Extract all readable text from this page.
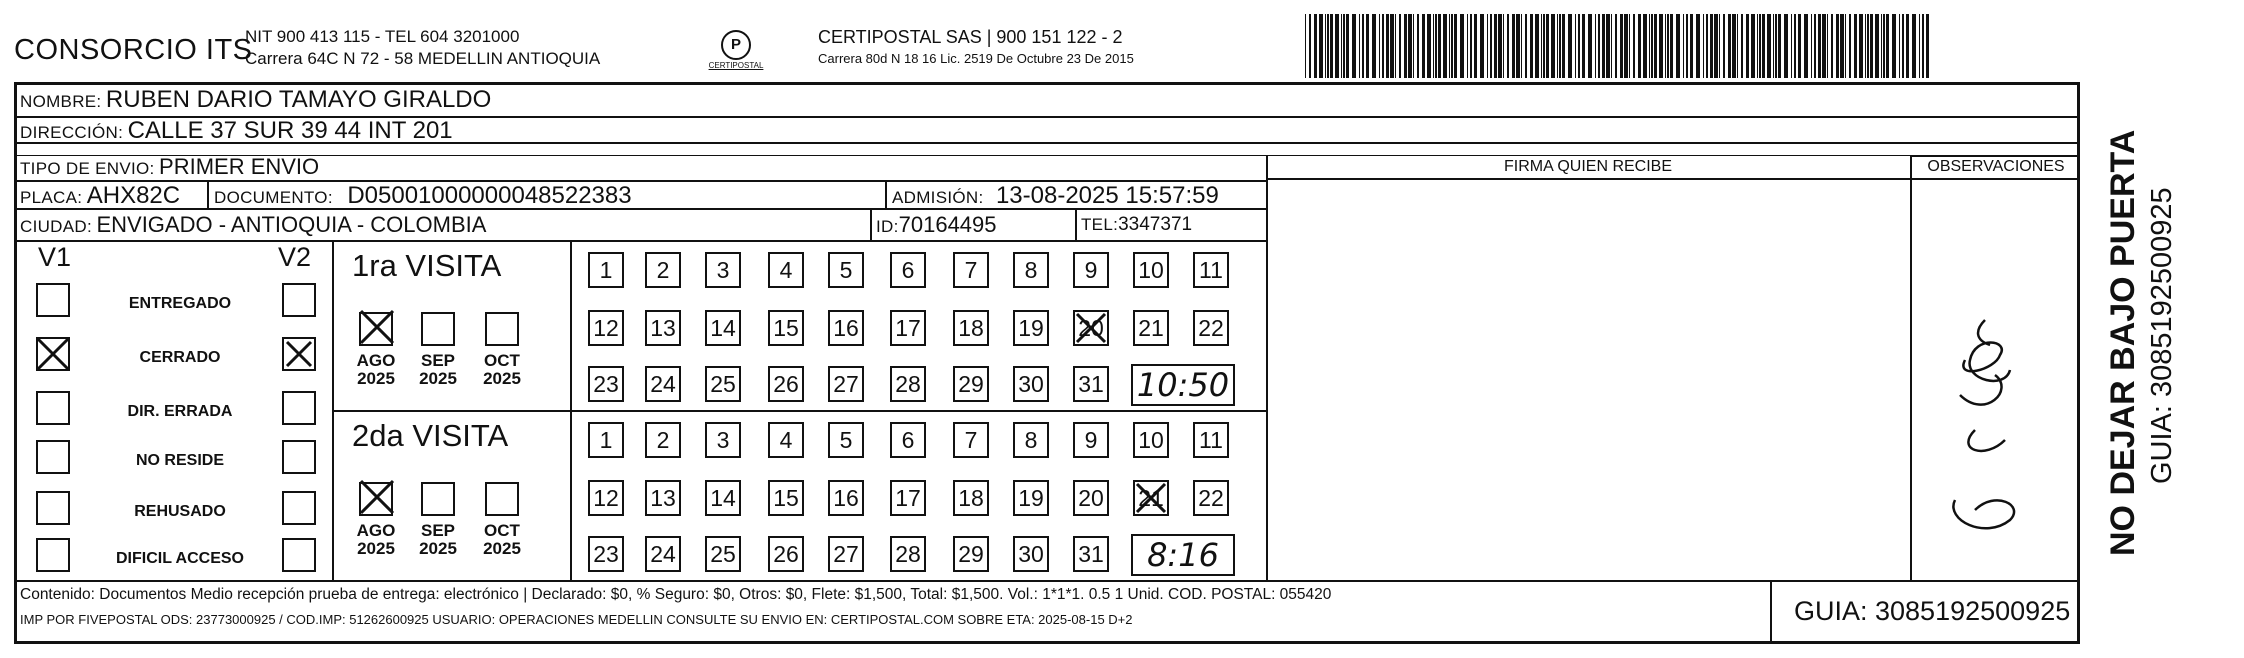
CONSORCIO ITS
NIT 900 413 115 - TEL 604 3201000
Carrera 64C N 72 - 58 MEDELLIN ANTIOQUIA
P
CERTIPOSTAL
CERTIPOSTAL SAS | 900 151 122 - 2
Carrera 80d N 18 16 Lic. 2519 De Octubre 23 De 2015
NOMBRE: RUBEN DARIO TAMAYO GIRALDO
DIRECCIÓN: CALLE 37 SUR 39 44 INT 201
TIPO DE ENVIO: PRIMER ENVIO	FIRMA QUIEN RECIBE	OBSERVACIONES
PLACA: AHX82C DOCUMENTO: D05001000000048522383	ADMISIÓN: 13-08-2025 15:57:59
CIUDAD: ENVIGADO - ANTIOQUIA - COLOMBIA	ID:70164495	TEL:3347371
V1	V2
ENTREGADO
CERRADO
DIR. ERRADA
NO RESIDE
REHUSADO
DIFICIL ACCESO
1ra VISITA
AGO
2025
SEP
2025
OCT
2025
1	2	3	4	5	6	7	8	9	10 11
12 13 14 15 16 17 18 19 20 21 22
23 24 25 26 27 28 29 30 31 10:50
2da VISITA
AGO
2025
SEP
2025
OCT
2025
1	2	3	4	5	6	7	8	9	10 11
12 13 14 15 16 17 18 19 20 21 22
23 24 25 26 27 28 29 30 31	8:16
Contenido: Documentos Medio recepción prueba de entrega: electrónico | Declarado: $0, % Seguro: $0, Otros: $0, Flete: $1,500, Total: $1,500. Vol.: 1*1*1. 0.5 1 Unid. COD. POSTAL: 055420
IMP POR FIVEPOSTAL ODS: 23773000925 / COD.IMP: 51262600925 USUARIO: OPERACIONES MEDELLIN CONSULTE SU ENVIO EN: CERTIPOSTAL.COM SOBRE ETA: 2025-08-15 D+2	GUIA: 3085192500925
NO DEJAR BAJO PUERTA GUIA: 3085192500925
